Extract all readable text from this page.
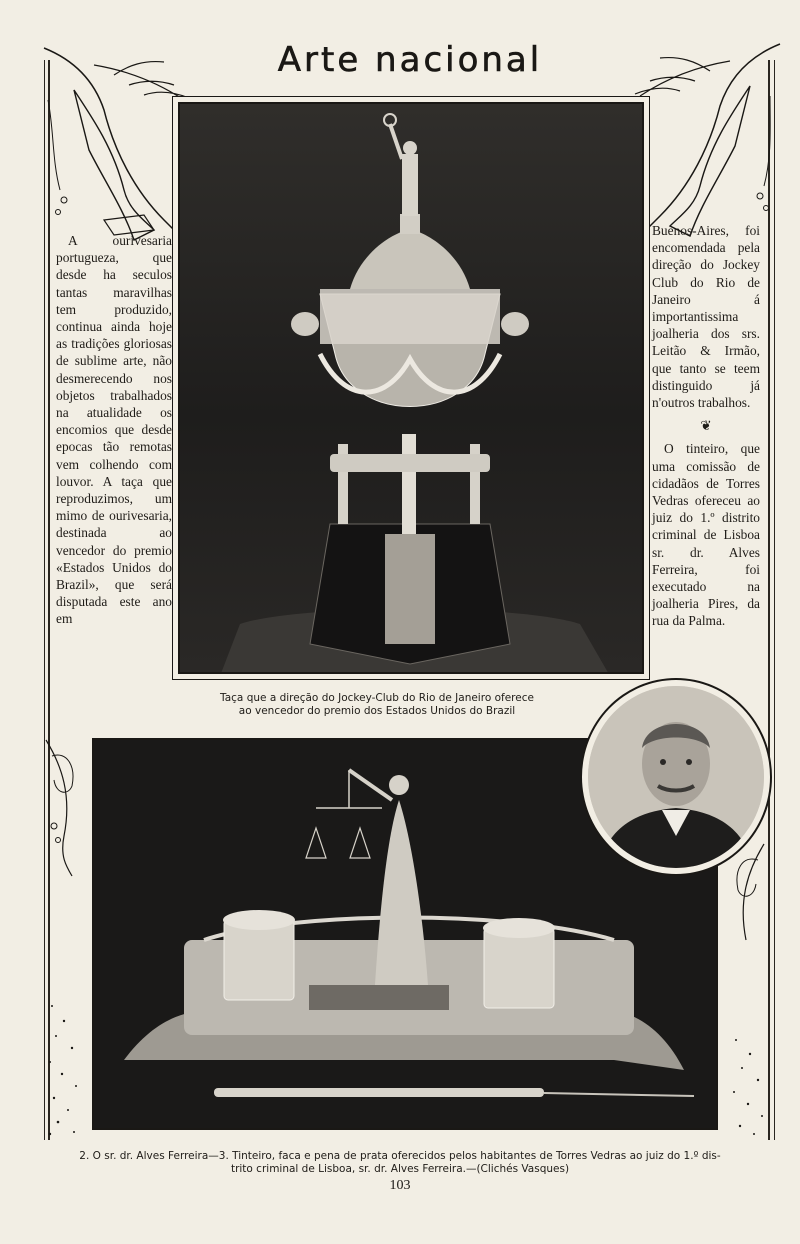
Arte nacional

A ourivesaria portugueza, que desde ha seculos tantas maravilhas tem produzido, continua ainda hoje as tradições gloriosas de sublime arte, não desmerecendo nos objetos trabalhados na atualidade os encomios que desde epocas tão remotas vem colhendo com louvor. A taça que reproduzimos, um mimo de ourivesaria, destinada ao vencedor do premio «Estados Unidos do Brazil», que será disputada este ano em

Buenos-Aires, foi encomendada pela direção do Jockey Club do Rio de Janeiro á importantissima joalheria dos srs. Leitão & Irmão, que tanto se teem distinguido já n'outros trabalhos.

❦

O tinteiro, que uma comissão de cidadãos de Torres Vedras ofereceu ao juiz do 1.º distrito criminal de Lisboa sr. dr. Alves Ferreira, foi executado na joalheria Pires, da rua da Palma.

Taça que a direção do Jockey-Club do Rio de Janeiro oferece
ao vencedor do premio dos Estados Unidos do Brazil
2. O sr. dr. Alves Ferreira—3. Tinteiro, faca e pena de prata oferecidos pelos habitantes de Torres Vedras ao juiz do 1.º dis-
trito criminal de Lisboa, sr. dr. Alves Ferreira.—(Clichés Vasques)
103
